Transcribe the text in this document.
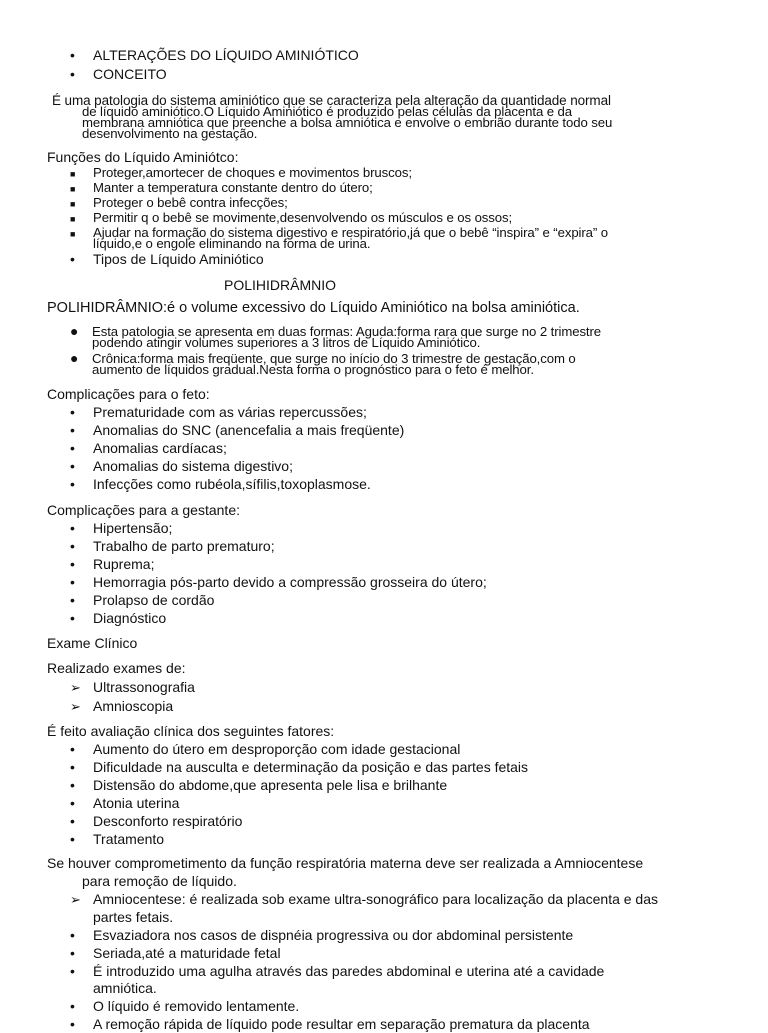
•	ALTERAÇÕES DO LÍQUIDO AMINIÓTICO
•	CONCEITO
É uma patologia do sistema aminiótico que se caracteriza pela alteração da quantidade normal
de líquido aminiótico.O Líquido Aminiótico é produzido pelas células da placenta e da
membrana amniótica que preenche a bolsa amniótica e envolve o embrião durante todo seu
desenvolvimento na gestação.
Funções do Líquido Aminiótco:
■	Proteger,amortecer de choques e movimentos bruscos;
■	Manter a temperatura constante dentro do útero;
■	Proteger o bebê contra infecções;
■	Permitir q o bebê se movimente,desenvolvendo os músculos e os ossos;
■	Ajudar na formação do sistema digestivo e respiratório,já que o bebê “inspira” e “expira” o
líquido,e o engole eliminando na forma de urina.
•	Tipos de Líquido Aminiótico
POLIHIDRÂMNIO
POLIHIDRÂMNIO:é o volume excessivo do Líquido Aminiótico na bolsa aminiótica.
●	Esta patologia se apresenta em duas formas: Aguda:forma rara que surge no 2 trimestre
podendo atingir volumes superiores a 3 litros de Líquido Aminiótico.
●	Crônica:forma mais freqüente, que surge no início do 3 trimestre de gestação,com o
aumento de líquidos gradual.Nesta forma o prognóstico para o feto é melhor.
Complicações para o feto:
•	Prematuridade com as várias repercussões;
•	Anomalias do SNC (anencefalia a mais freqüente)
•	Anomalias cardíacas;
•	Anomalias do sistema digestivo;
•	Infecções como rubéola,sífilis,toxoplasmose.
Complicações para a gestante:
•	Hipertensão;
•	Trabalho de parto prematuro;
•	Ruprema;
•	Hemorragia pós-parto devido a compressão grosseira do útero;
•	Prolapso de cordão
•	Diagnóstico
Exame Clínico
Realizado exames de:
➢ Ultrassonografia
➢ Amnioscopia
É feito avaliação clínica dos seguintes fatores:
•	Aumento do útero em desproporção com idade gestacional
•	Dificuldade na ausculta e determinação da posição e das partes fetais
•	Distensão do abdome,que apresenta pele lisa e brilhante
•	Atonia uterina
•	Desconforto respiratório
•	Tratamento
Se houver comprometimento da função respiratória materna deve ser realizada a Amniocentese
para remoção de líquido.
➢ Amniocentese: é realizada sob exame ultra-sonográfico para localização da placenta e das
partes fetais.
•	Esvaziadora nos casos de dispnéia progressiva ou dor abdominal persistente
•	Seriada,até a maturidade fetal
•	É introduzido uma agulha através das paredes abdominal e uterina até a cavidade
amniótica.
•	O líquido é removido lentamente.
•	A remoção rápida de líquido pode resultar em separação prematura da placenta
